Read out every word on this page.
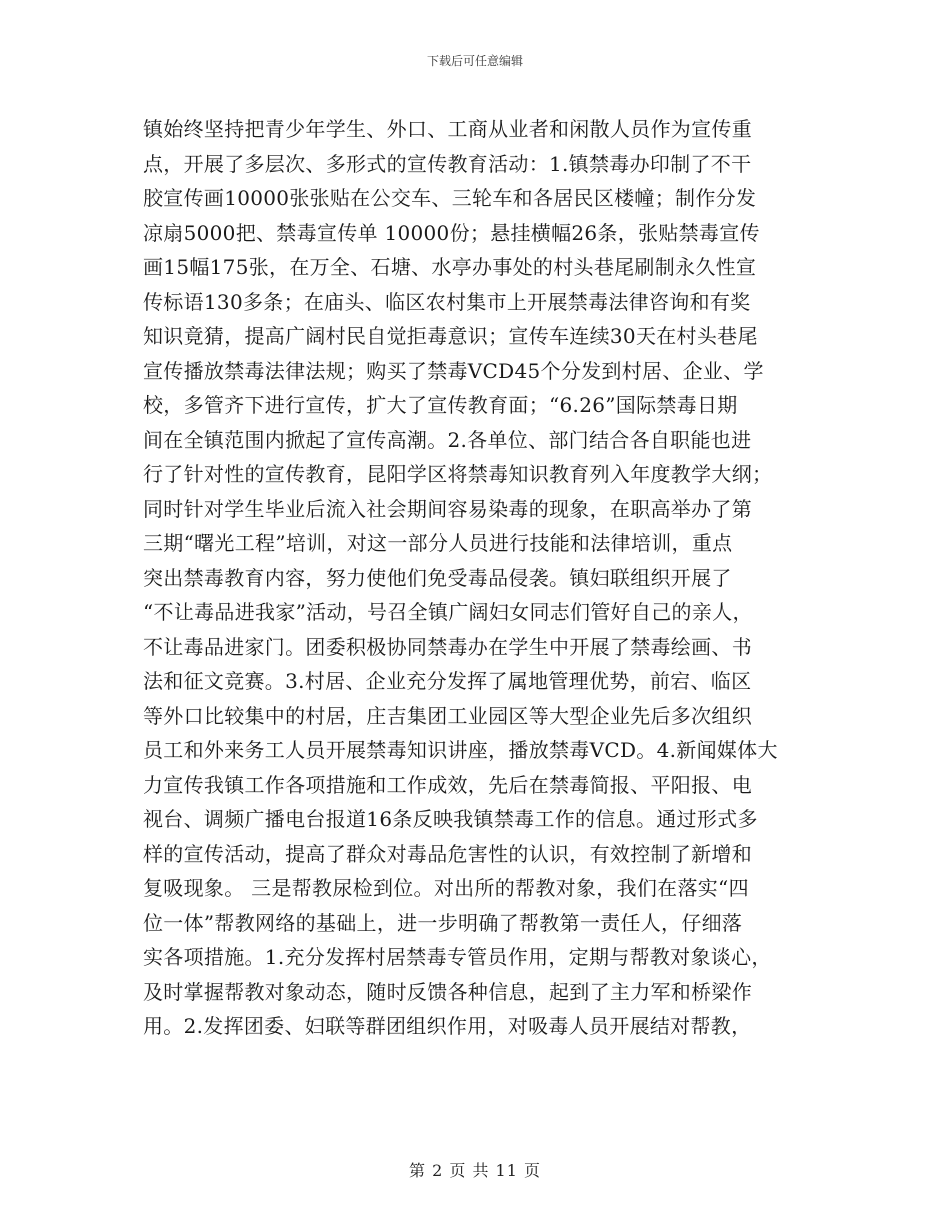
下载后可任意编辑
镇始终坚持把青少年学生、外口、工商从业者和闲散人员作为宣传重
点，开展了多层次、多形式的宣传教育活动：1.镇禁毒办印制了不干
胶宣传画10000张张贴在公交车、三轮车和各居民区楼幢；制作分发
凉扇5000把、禁毒宣传单 10000份；悬挂横幅26条，张贴禁毒宣传
画15幅175张，在万全、石塘、水亭办事处的村头巷尾刷制永久性宣
传标语130多条；在庙头、临区农村集市上开展禁毒法律咨询和有奖
知识竟猜，提高广阔村民自觉拒毒意识；宣传车连续30天在村头巷尾
宣传播放禁毒法律法规；购买了禁毒VCD45个分发到村居、企业、学
校，多管齐下进行宣传，扩大了宣传教育面；“6.26”国际禁毒日期
间在全镇范围内掀起了宣传高潮。2.各单位、部门结合各自职能也进
行了针对性的宣传教育，昆阳学区将禁毒知识教育列入年度教学大纲；
同时针对学生毕业后流入社会期间容易染毒的现象，在职高举办了第
三期“曙光工程”培训，对这一部分人员进行技能和法律培训，重点
突出禁毒教育内容，努力使他们免受毒品侵袭。镇妇联组织开展了
“不让毒品进我家”活动，号召全镇广阔妇女同志们管好自己的亲人，
不让毒品进家门。团委积极协同禁毒办在学生中开展了禁毒绘画、书
法和征文竞赛。3.村居、企业充分发挥了属地管理优势，前宕、临区
等外口比较集中的村居，庄吉集团工业园区等大型企业先后多次组织
员工和外来务工人员开展禁毒知识讲座，播放禁毒VCD。4.新闻媒体大
力宣传我镇工作各项措施和工作成效，先后在禁毒简报、平阳报、电
视台、调频广播电台报道16条反映我镇禁毒工作的信息。通过形式多
样的宣传活动，提高了群众对毒品危害性的认识，有效控制了新增和
复吸现象。 三是帮教尿检到位。对出所的帮教对象，我们在落实“四
位一体”帮教网络的基础上，进一步明确了帮教第一责任人，仔细落
实各项措施。1.充分发挥村居禁毒专管员作用，定期与帮教对象谈心，
及时掌握帮教对象动态，随时反馈各种信息，起到了主力军和桥梁作
用。2.发挥团委、妇联等群团组织作用，对吸毒人员开展结对帮教，
第 2 页 共 11 页
